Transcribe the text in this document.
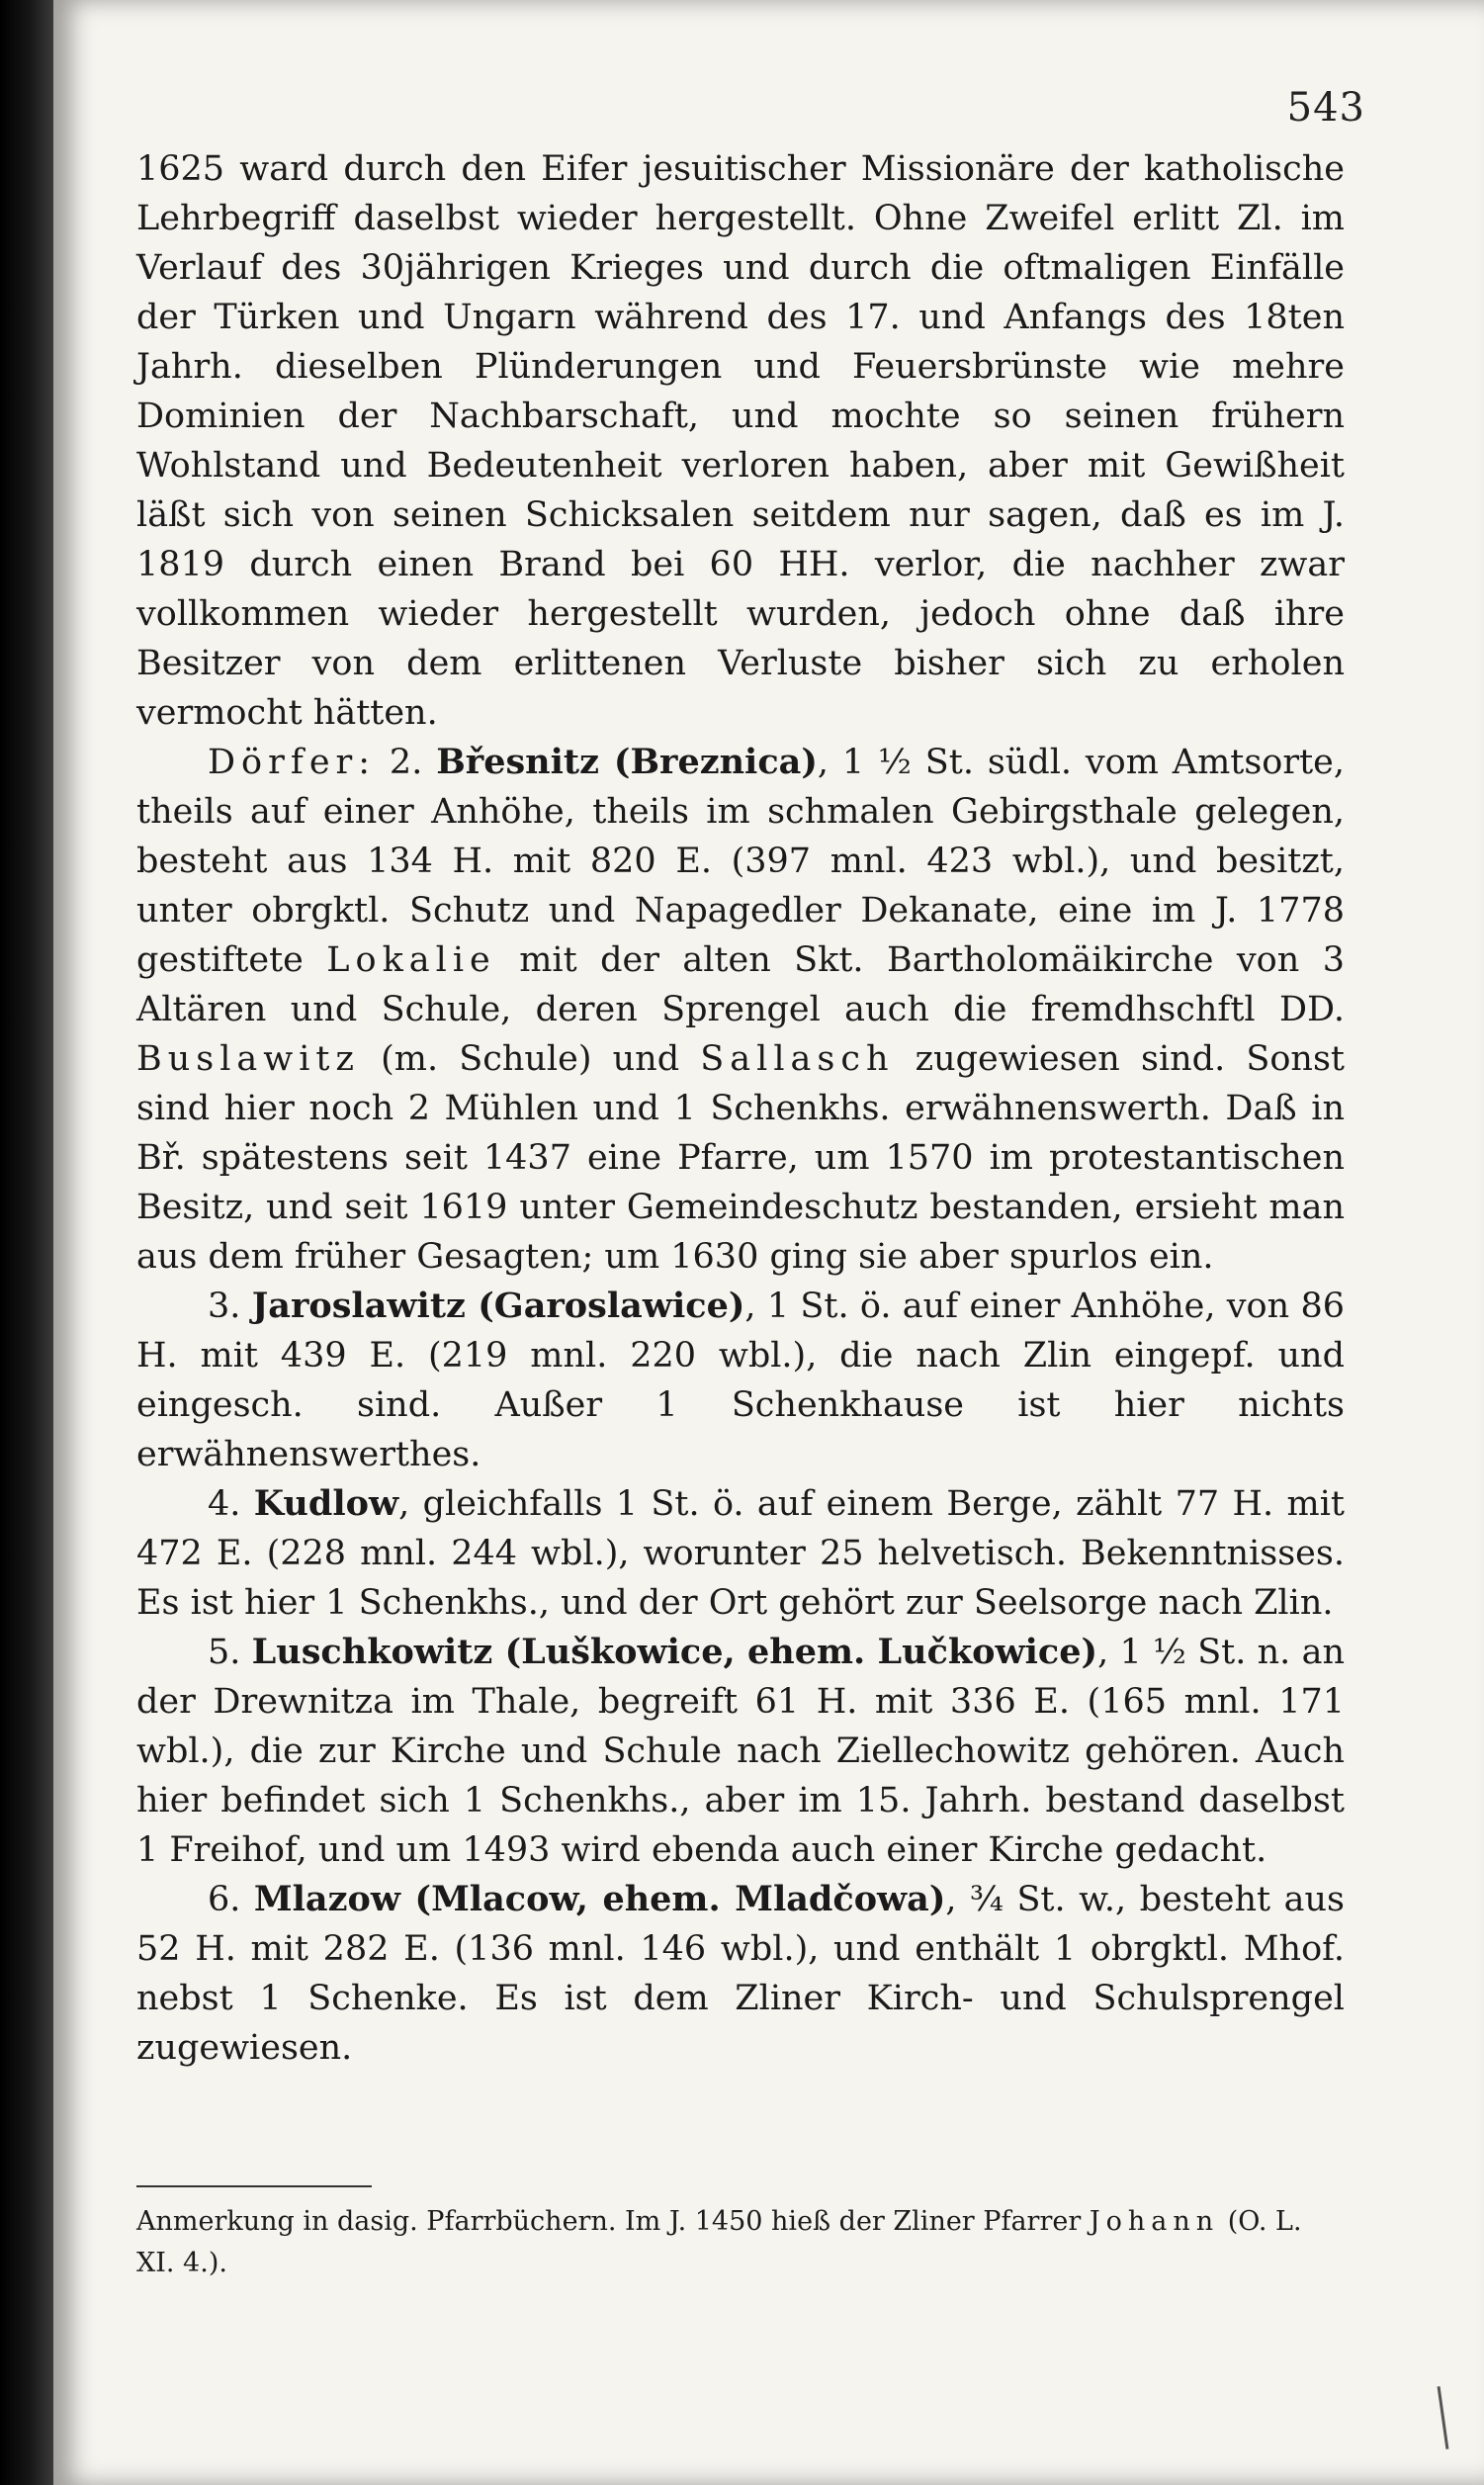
543

1625 ward durch den Eifer jesuitischer Missionäre der katholische Lehrbegriff daselbst wieder hergestellt. Ohne Zweifel erlitt Zl. im Verlauf des 30jährigen Krieges und durch die oftmaligen Einfälle der Türken und Ungarn während des 17. und Anfangs des 18ten Jahrh. dieselben Plünderungen und Feuersbrünste wie mehre Dominien der Nachbarschaft, und mochte so seinen frühern Wohlstand und Bedeutenheit verloren haben, aber mit Gewißheit läßt sich von seinen Schicksalen seitdem nur sagen, daß es im J. 1819 durch einen Brand bei 60 HH. verlor, die nachher zwar vollkommen wieder hergestellt wurden, jedoch ohne daß ihre Besitzer von dem erlittenen Verluste bisher sich zu erholen vermocht hätten.

Dörfer: 2. Břesnitz (Breznica), 1 ½ St. südl. vom Amtsorte, theils auf einer Anhöhe, theils im schmalen Gebirgsthale gelegen, besteht aus 134 H. mit 820 E. (397 mnl. 423 wbl.), und besitzt, unter obrgktl. Schutz und Napagedler Dekanate, eine im J. 1778 gestiftete Lokalie mit der alten Skt. Bartholomäikirche von 3 Altären und Schule, deren Sprengel auch die fremdhschftl DD. Buslawitz (m. Schule) und Sallasch zugewiesen sind. Sonst sind hier noch 2 Mühlen und 1 Schenkhs. erwähnenswerth. Daß in Bř. spätestens seit 1437 eine Pfarre, um 1570 im protestantischen Besitz, und seit 1619 unter Gemeindeschutz bestanden, ersieht man aus dem früher Gesagten; um 1630 ging sie aber spurlos ein.

3. Jaroslawitz (Garoslawice), 1 St. ö. auf einer Anhöhe, von 86 H. mit 439 E. (219 mnl. 220 wbl.), die nach Zlin eingepf. und eingesch. sind. Außer 1 Schenkhause ist hier nichts erwähnenswerthes.

4. Kudlow, gleichfalls 1 St. ö. auf einem Berge, zählt 77 H. mit 472 E. (228 mnl. 244 wbl.), worunter 25 helvetisch. Bekenntnisses. Es ist hier 1 Schenkhs., und der Ort gehört zur Seelsorge nach Zlin.

5. Luschkowitz (Luškowice, ehem. Lučkowice), 1 ½ St. n. an der Drewnitza im Thale, begreift 61 H. mit 336 E. (165 mnl. 171 wbl.), die zur Kirche und Schule nach Ziellechowitz gehören. Auch hier befindet sich 1 Schenkhs., aber im 15. Jahrh. bestand daselbst 1 Freihof, und um 1493 wird ebenda auch einer Kirche gedacht.

6. Mlazow (Mlacow, ehem. Mladčowa), ¾ St. w., besteht aus 52 H. mit 282 E. (136 mnl. 146 wbl.), und enthält 1 obrgktl. Mhof. nebst 1 Schenke. Es ist dem Zliner Kirch- und Schulsprengel zugewiesen.

Anmerkung in dasig. Pfarrbüchern. Im J. 1450 hieß der Zliner Pfarrer Johann (O. L. XI. 4.).
